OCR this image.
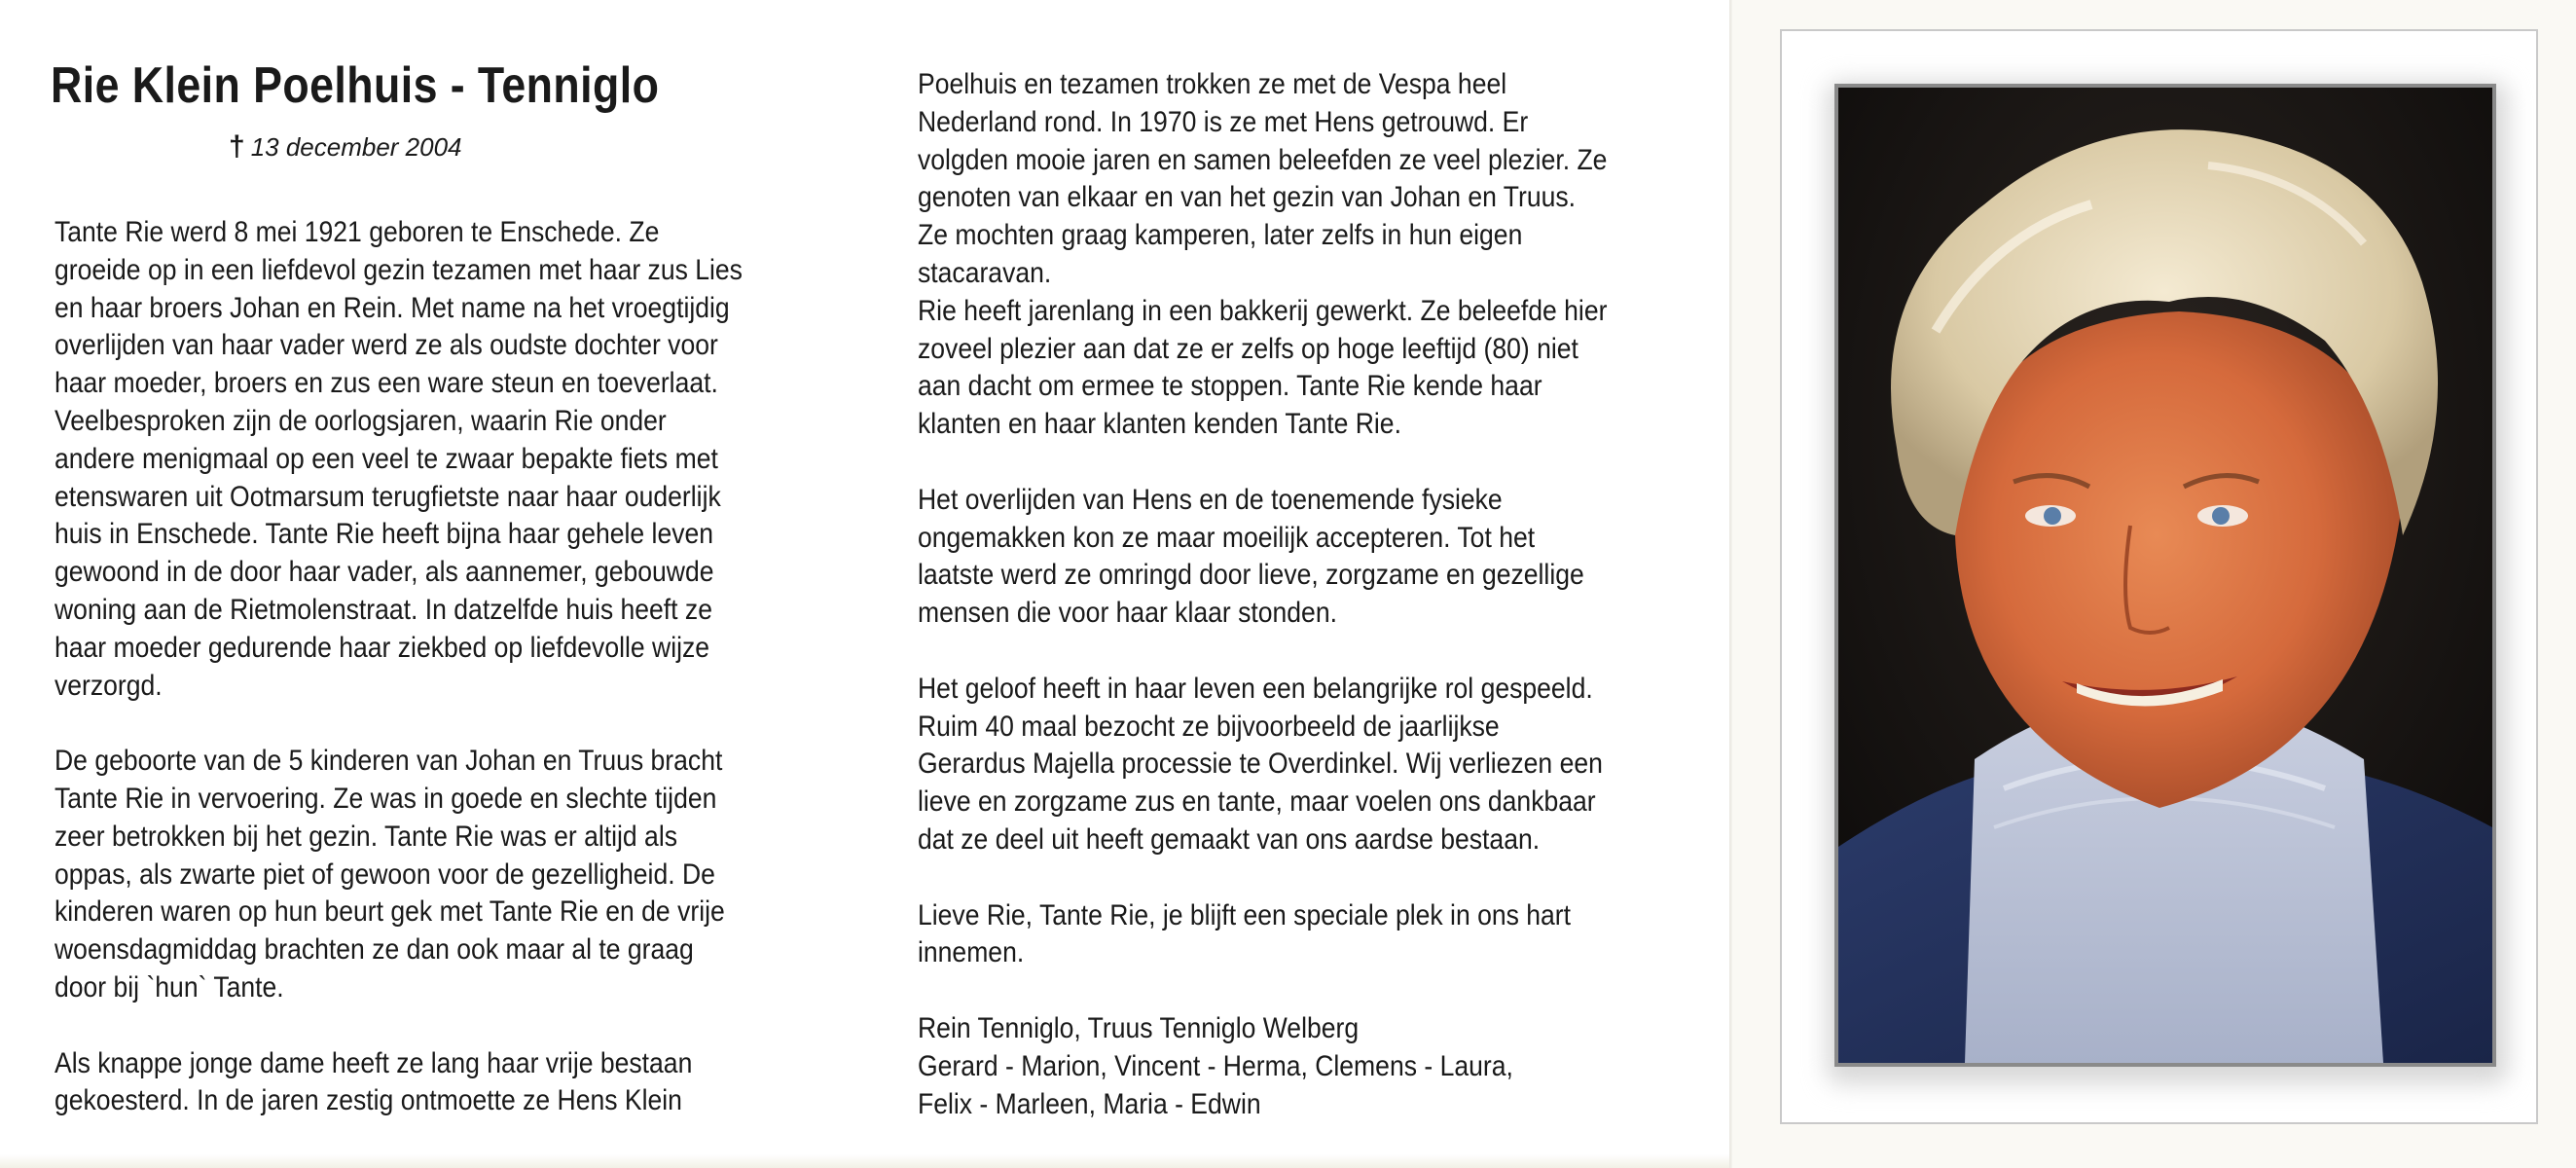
Rie Klein Poelhuis - Tenniglo
† 13 december 2004
Tante Rie werd 8 mei 1921 geboren te Enschede. Ze
groeide op in een liefdevol gezin tezamen met haar zus Lies
en haar broers Johan en Rein. Met name na het vroegtijdig
overlijden van haar vader werd ze als oudste dochter voor
haar moeder, broers en zus een ware steun en toeverlaat.
Veelbesproken zijn de oorlogsjaren, waarin Rie onder
andere menigmaal op een veel te zwaar bepakte fiets met
etenswaren uit Ootmarsum terugfietste naar haar ouderlijk
huis in Enschede. Tante Rie heeft bijna haar gehele leven
gewoond in de door haar vader, als aannemer, gebouwde
woning aan de Rietmolenstraat. In datzelfde huis heeft ze
haar moeder gedurende haar ziekbed op liefdevolle wijze
verzorgd.
De geboorte van de 5 kinderen van Johan en Truus bracht
Tante Rie in vervoering. Ze was in goede en slechte tijden
zeer betrokken bij het gezin. Tante Rie was er altijd als
oppas, als zwarte piet of gewoon voor de gezelligheid. De
kinderen waren op hun beurt gek met Tante Rie en de vrije
woensdagmiddag brachten ze dan ook maar al te graag
door bij `hun` Tante.
Als knappe jonge dame heeft ze lang haar vrije bestaan
gekoesterd. In de jaren zestig ontmoette ze Hens Klein
Poelhuis en tezamen trokken ze met de Vespa heel
Nederland rond. In 1970 is ze met Hens getrouwd. Er
volgden mooie jaren en samen beleefden ze veel plezier. Ze
genoten van elkaar en van het gezin van Johan en Truus.
Ze mochten graag kamperen, later zelfs in hun eigen
stacaravan.
Rie heeft jarenlang in een bakkerij gewerkt. Ze beleefde hier
zoveel plezier aan dat ze er zelfs op hoge leeftijd (80) niet
aan dacht om ermee te stoppen. Tante Rie kende haar
klanten en haar klanten kenden Tante Rie.
Het overlijden van Hens en de toenemende fysieke
ongemakken kon ze maar moeilijk accepteren. Tot het
laatste werd ze omringd door lieve, zorgzame en gezellige
mensen die voor haar klaar stonden.
Het geloof heeft in haar leven een belangrijke rol gespeeld.
Ruim 40 maal bezocht ze bijvoorbeeld de jaarlijkse
Gerardus Majella processie te Overdinkel. Wij verliezen een
lieve en zorgzame zus en tante, maar voelen ons dankbaar
dat ze deel uit heeft gemaakt van ons aardse bestaan.
Lieve Rie, Tante Rie, je blijft een speciale plek in ons hart
innemen.
Rein Tenniglo, Truus Tenniglo Welberg
Gerard - Marion, Vincent - Herma, Clemens - Laura,
Felix - Marleen, Maria - Edwin
